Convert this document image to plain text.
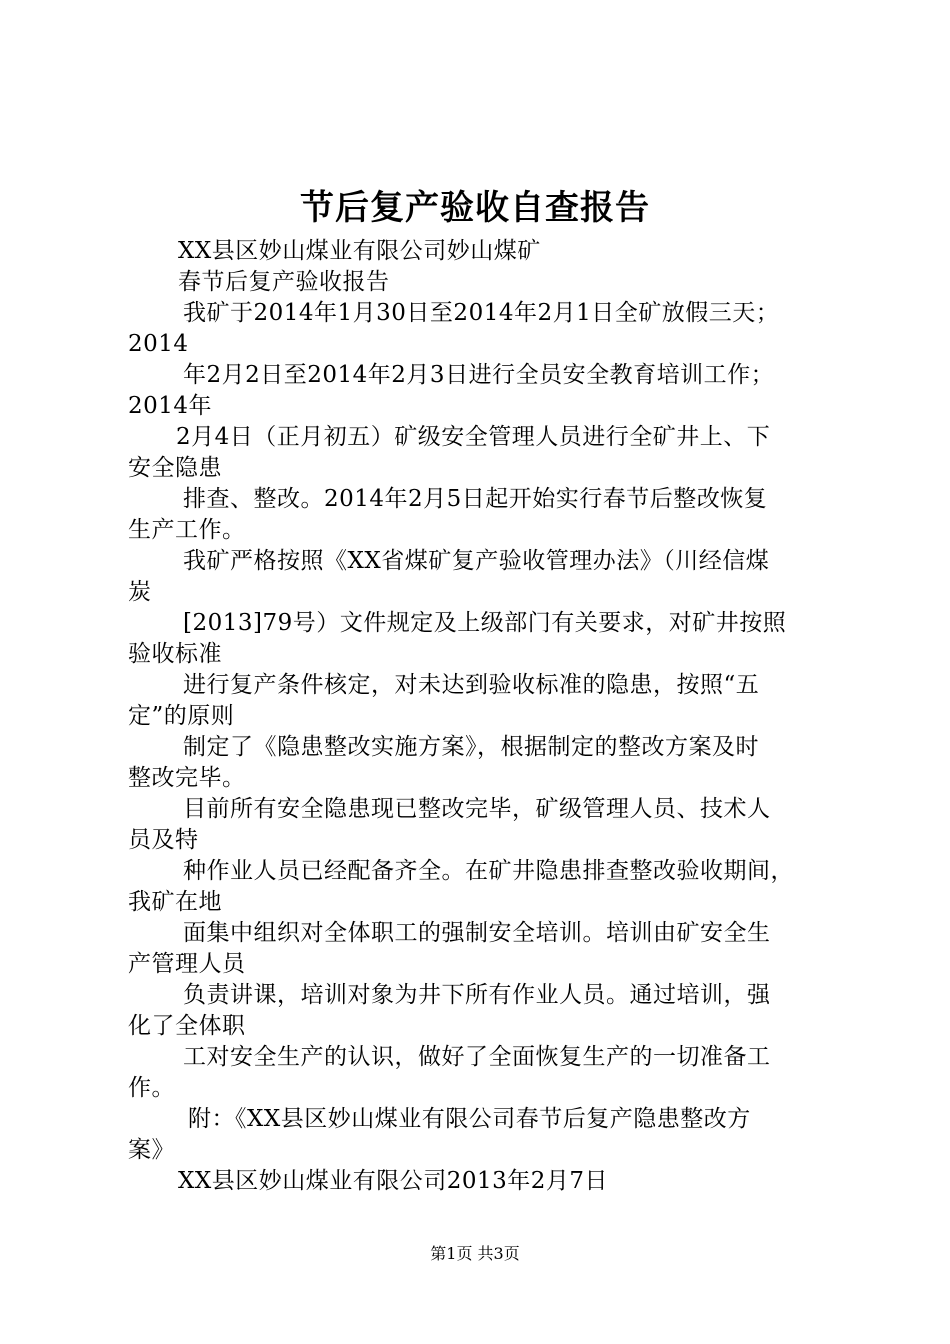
节后复产验收自查报告
XX县区妙山煤业有限公司妙山煤矿
春节后复产验收报告
我矿于2014年1月30日至2014年2月1日全矿放假三天；
2014
年2月2日至2014年2月3日进行全员安全教育培训工作；
2014年
2月4日（正月初五）矿级安全管理人员进行全矿井上、下
安全隐患
排查、整改。2014年2月5日起开始实行春节后整改恢复
生产工作。
我矿严格按照《XX省煤矿复产验收管理办法》（川经信煤
炭
[2013]79号）文件规定及上级部门有关要求，对矿井按照
验收标准
进行复产条件核定，对未达到验收标准的隐患，按照“五
定”的原则
制定了《隐患整改实施方案》，根据制定的整改方案及时
整改完毕。
目前所有安全隐患现已整改完毕，矿级管理人员、技术人
员及特
种作业人员已经配备齐全。在矿井隐患排查整改验收期间，
我矿在地
面集中组织对全体职工的强制安全培训。培训由矿安全生
产管理人员
负责讲课，培训对象为井下所有作业人员。通过培训，强
化了全体职
工对安全生产的认识，做好了全面恢复生产的一切准备工
作。
附：《XX县区妙山煤业有限公司春节后复产隐患整改方
案》
XX县区妙山煤业有限公司2013年2月7日
第1页 共3页
